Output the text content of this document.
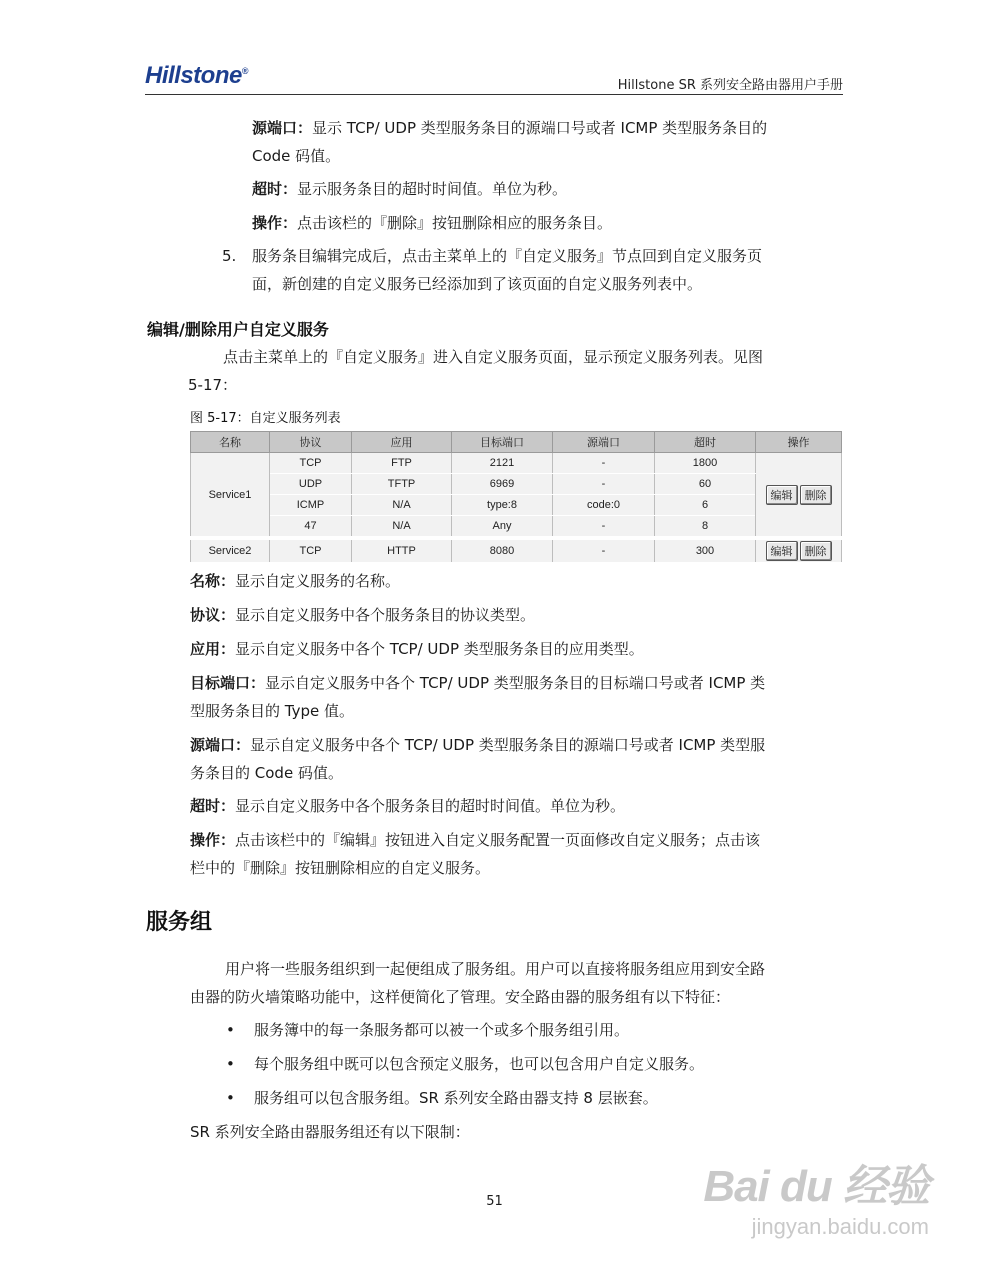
Hillstone®
Hillstone SR 系列安全路由器用户手册
源端口：显示 TCP/ UDP 类型服务条目的源端口号或者 ICMP 类型服务条目的
Code 码值。
超时：显示服务条目的超时时间值。单位为秒。
操作：点击该栏的『删除』按钮删除相应的服务条目。
5. 服务条目编辑完成后，点击主菜单上的『自定义服务』节点回到自定义服务页
面，新创建的自定义服务已经添加到了该页面的自定义服务列表中。
编辑/删除用户自定义服务
点击主菜单上的『自定义服务』进入自定义服务页面，显示预定义服务列表。见图
5-17：
图 5-17：自定义服务列表
名称	协议	应用	目标端口	源端口	超时	操作
Service1	TCP	FTP	2121	-	1800	编辑 删除
	UDP	TFTP	6969	-	60	
	ICMP	N/A	type:8	code:0	6	
	47	N/A	Any	-	8	
Service2	TCP	HTTP	8080	-	300	编辑 删除
名称：显示自定义服务的名称。
协议：显示自定义服务中各个服务条目的协议类型。
应用：显示自定义服务中各个 TCP/ UDP 类型服务条目的应用类型。
目标端口：显示自定义服务中各个 TCP/ UDP 类型服务条目的目标端口号或者 ICMP 类
型服务条目的 Type 值。
源端口：显示自定义服务中各个 TCP/ UDP 类型服务条目的源端口号或者 ICMP 类型服
务条目的 Code 码值。
超时：显示自定义服务中各个服务条目的超时时间值。单位为秒。
操作：点击该栏中的『编辑』按钮进入自定义服务配置一页面修改自定义服务；点击该
栏中的『删除』按钮删除相应的自定义服务。
服务组
用户将一些服务组织到一起便组成了服务组。用户可以直接将服务组应用到安全路
由器的防火墙策略功能中，这样便简化了管理。安全路由器的服务组有以下特征：
• 服务簿中的每一条服务都可以被一个或多个服务组引用。
• 每个服务组中既可以包含预定义服务，也可以包含用户自定义服务。
• 服务组可以包含服务组。SR 系列安全路由器支持 8 层嵌套。
SR 系列安全路由器服务组还有以下限制：
51	Bai du 经验
jingyan.baidu.com
